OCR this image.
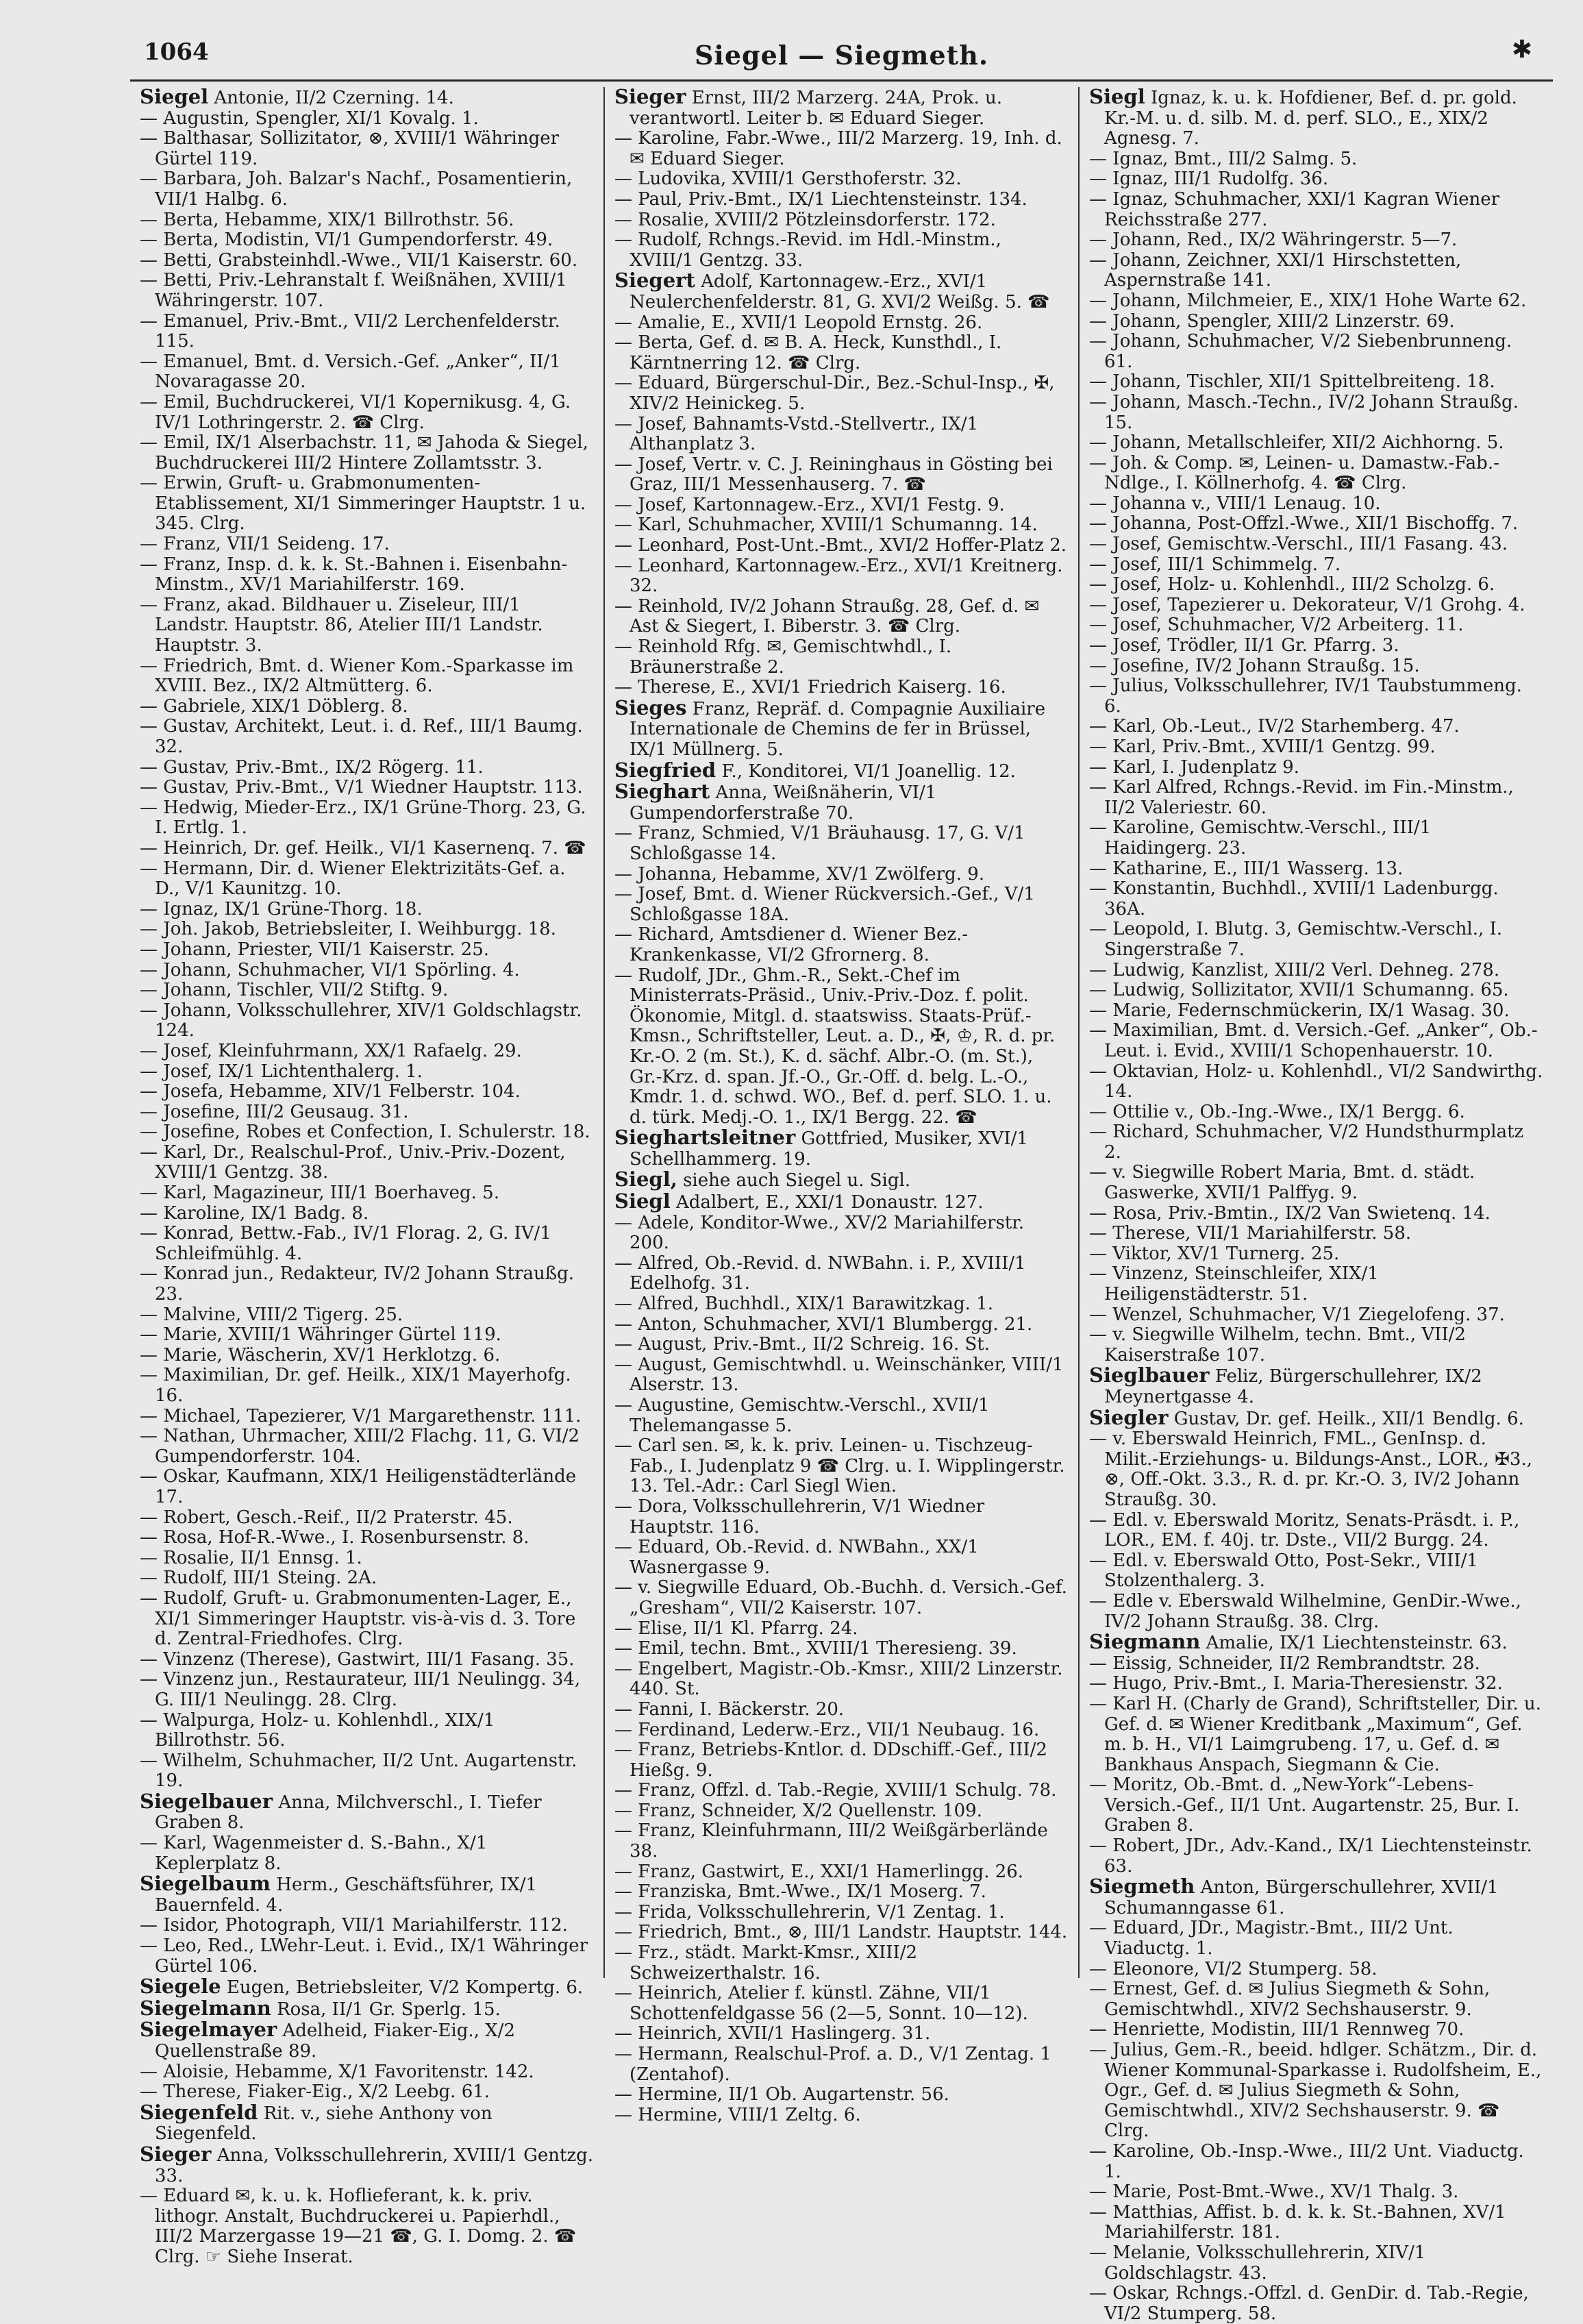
1064	Siegel — Siegmeth.	✱

Siegel Antonie, II/2 Czerning. 14.

— Augustin, Spengler, XI/1 Kovalg. 1.

— Balthasar, Sollizitator, ⊗, XVIII/1 Währinger Gürtel 119.

— Barbara, Joh. Balzar's Nachf., Posamentierin, VII/1 Halbg. 6.

— Berta, Hebamme, XIX/1 Billrothstr. 56.

— Berta, Modistin, VI/1 Gumpendorferstr. 49.

— Betti, Grabsteinhdl.-Wwe., VII/1 Kaiserstr. 60.

— Betti, Priv.-Lehranstalt f. Weißnähen, XVIII/1 Währingerstr. 107.

— Emanuel, Priv.-Bmt., VII/2 Lerchenfelderstr. 115.

— Emanuel, Bmt. d. Versich.-Gef. „Anker“, II/1 Novaragasse 20.

— Emil, Buchdruckerei, VI/1 Kopernikusg. 4, G. IV/1 Lothringerstr. 2. ☎ Clrg.

— Emil, IX/1 Alserbachstr. 11, ✉ Jahoda & Siegel, Buchdruckerei III/2 Hintere Zollamtsstr. 3.

— Erwin, Gruft- u. Grabmonumenten-Etablissement, XI/1 Simmeringer Hauptstr. 1 u. 345. Clrg.

— Franz, VII/1 Seideng. 17.

— Franz, Insp. d. k. k. St.-Bahnen i. Eisenbahn-Minstm., XV/1 Mariahilferstr. 169.

— Franz, akad. Bildhauer u. Ziseleur, III/1 Landstr. Hauptstr. 86, Atelier III/1 Landstr. Hauptstr. 3.

— Friedrich, Bmt. d. Wiener Kom.-Sparkasse im XVIII. Bez., IX/2 Altmütterg. 6.

— Gabriele, XIX/1 Döblerg. 8.

— Gustav, Architekt, Leut. i. d. Ref., III/1 Baumg. 32.

— Gustav, Priv.-Bmt., IX/2 Rögerg. 11.

— Gustav, Priv.-Bmt., V/1 Wiedner Hauptstr. 113.

— Hedwig, Mieder-Erz., IX/1 Grüne-Thorg. 23, G. I. Ertlg. 1.

— Heinrich, Dr. gef. Heilk., VI/1 Kasernenq. 7. ☎

— Hermann, Dir. d. Wiener Elektrizitäts-Gef. a. D., V/1 Kaunitzg. 10.

— Ignaz, IX/1 Grüne-Thorg. 18.

— Joh. Jakob, Betriebsleiter, I. Weihburgg. 18.

— Johann, Priester, VII/1 Kaiserstr. 25.

— Johann, Schuhmacher, VI/1 Spörling. 4.

— Johann, Tischler, VII/2 Stiftg. 9.

— Johann, Volksschullehrer, XIV/1 Goldschlagstr. 124.

— Josef, Kleinfuhrmann, XX/1 Rafaelg. 29.

— Josef, IX/1 Lichtenthalerg. 1.

— Josefa, Hebamme, XIV/1 Felberstr. 104.

— Josefine, III/2 Geusaug. 31.

— Josefine, Robes et Confection, I. Schulerstr. 18.

— Karl, Dr., Realschul-Prof., Univ.-Priv.-Dozent, XVIII/1 Gentzg. 38.

— Karl, Magazineur, III/1 Boerhaveg. 5.

— Karoline, IX/1 Badg. 8.

— Konrad, Bettw.-Fab., IV/1 Florag. 2, G. IV/1 Schleifmühlg. 4.

— Konrad jun., Redakteur, IV/2 Johann Straußg. 23.

— Malvine, VIII/2 Tigerg. 25.

— Marie, XVIII/1 Währinger Gürtel 119.

— Marie, Wäscherin, XV/1 Herklotzg. 6.

— Maximilian, Dr. gef. Heilk., XIX/1 Mayerhofg. 16.

— Michael, Tapezierer, V/1 Margarethenstr. 111.

— Nathan, Uhrmacher, XIII/2 Flachg. 11, G. VI/2 Gumpendorferstr. 104.

— Oskar, Kaufmann, XIX/1 Heiligenstädterlände 17.

— Robert, Gesch.-Reif., II/2 Praterstr. 45.

— Rosa, Hof-R.-Wwe., I. Rosenbursenstr. 8.

— Rosalie, II/1 Ennsg. 1.

— Rudolf, III/1 Steing. 2A.

— Rudolf, Gruft- u. Grabmonumenten-Lager, E., XI/1 Simmeringer Hauptstr. vis-à-vis d. 3. Tore d. Zentral-Friedhofes. Clrg.

— Vinzenz (Therese), Gastwirt, III/1 Fasang. 35.

— Vinzenz jun., Restaurateur, III/1 Neulingg. 34, G. III/1 Neulingg. 28. Clrg.

— Walpurga, Holz- u. Kohlenhdl., XIX/1 Billrothstr. 56.

— Wilhelm, Schuhmacher, II/2 Unt. Augartenstr. 19.

Siegelbauer Anna, Milchverschl., I. Tiefer Graben 8.

— Karl, Wagenmeister d. S.-Bahn., X/1 Keplerplatz 8.

Siegelbaum Herm., Geschäftsführer, IX/1 Bauernfeld. 4.

— Isidor, Photograph, VII/1 Mariahilferstr. 112.

— Leo, Red., LWehr-Leut. i. Evid., IX/1 Währinger Gürtel 106.

Siegele Eugen, Betriebsleiter, V/2 Kompertg. 6.

Siegelmann Rosa, II/1 Gr. Sperlg. 15.

Siegelmayer Adelheid, Fiaker-Eig., X/2 Quellenstraße 89.

— Aloisie, Hebamme, X/1 Favoritenstr. 142.

— Therese, Fiaker-Eig., X/2 Leebg. 61.

Siegenfeld Rit. v., siehe Anthony von Siegenfeld.

Sieger Anna, Volksschullehrerin, XVIII/1 Gentzg. 33.

— Eduard ✉, k. u. k. Hoflieferant, k. k. priv. lithogr. Anstalt, Buchdruckerei u. Papierhdl., III/2 Marzergasse 19—21 ☎, G. I. Domg. 2. ☎ Clrg. ☞ Siehe Inserat.

Sieger Ernst, III/2 Marzerg. 24A, Prok. u. verantwortl. Leiter b. ✉ Eduard Sieger.

— Karoline, Fabr.-Wwe., III/2 Marzerg. 19, Inh. d. ✉ Eduard Sieger.

— Ludovika, XVIII/1 Gersthoferstr. 32.

— Paul, Priv.-Bmt., IX/1 Liechtensteinstr. 134.

— Rosalie, XVIII/2 Pötzleinsdorferstr. 172.

— Rudolf, Rchngs.-Revid. im Hdl.-Minstm., XVIII/1 Gentzg. 33.

Siegert Adolf, Kartonnagew.-Erz., XVI/1 Neulerchenfelderstr. 81, G. XVI/2 Weißg. 5. ☎

— Amalie, E., XVII/1 Leopold Ernstg. 26.

— Berta, Gef. d. ✉ B. A. Heck, Kunsthdl., I. Kärntnerring 12. ☎ Clrg.

— Eduard, Bürgerschul-Dir., Bez.-Schul-Insp., ✠, XIV/2 Heinickeg. 5.

— Josef, Bahnamts-Vstd.-Stellvertr., IX/1 Althanplatz 3.

— Josef, Vertr. v. C. J. Reininghaus in Gösting bei Graz, III/1 Messenhauserg. 7. ☎

— Josef, Kartonnagew.-Erz., XVI/1 Festg. 9.

— Karl, Schuhmacher, XVIII/1 Schumanng. 14.

— Leonhard, Post-Unt.-Bmt., XVI/2 Hoffer-Platz 2.

— Leonhard, Kartonnagew.-Erz., XVI/1 Kreitnerg. 32.

— Reinhold, IV/2 Johann Straußg. 28, Gef. d. ✉ Ast & Siegert, I. Biberstr. 3. ☎ Clrg.

— Reinhold Rfg. ✉, Gemischtwhdl., I. Bräunerstraße 2.

— Therese, E., XVI/1 Friedrich Kaiserg. 16.

Sieges Franz, Repräf. d. Compagnie Auxiliaire Internationale de Chemins de fer in Brüssel, IX/1 Müllnerg. 5.

Siegfried F., Konditorei, VI/1 Joanellig. 12.

Sieghart Anna, Weißnäherin, VI/1 Gumpendorferstraße 70.

— Franz, Schmied, V/1 Bräuhausg. 17, G. V/1 Schloßgasse 14.

— Johanna, Hebamme, XV/1 Zwölferg. 9.

— Josef, Bmt. d. Wiener Rückversich.-Gef., V/1 Schloßgasse 18A.

— Richard, Amtsdiener d. Wiener Bez.-Krankenkasse, VI/2 Gfrornerg. 8.

— Rudolf, JDr., Ghm.-R., Sekt.-Chef im Ministerrats-Präsid., Univ.-Priv.-Doz. f. polit. Ökonomie, Mitgl. d. staatswiss. Staats-Prüf.-Kmsn., Schriftsteller, Leut. a. D., ✠, ♔, R. d. pr. Kr.-O. 2 (m. St.), K. d. sächf. Albr.-O. (m. St.), Gr.-Krz. d. span. Jf.-O., Gr.-Off. d. belg. L.-O., Kmdr. 1. d. schwd. WO., Bef. d. perf. SLO. 1. u. d. türk. Medj.-O. 1., IX/1 Bergg. 22. ☎

Sieghartsleitner Gottfried, Musiker, XVI/1 Schellhammerg. 19.

Siegl, siehe auch Siegel u. Sigl.

Siegl Adalbert, E., XXI/1 Donaustr. 127.

— Adele, Konditor-Wwe., XV/2 Mariahilferstr. 200.

— Alfred, Ob.-Revid. d. NWBahn. i. P., XVIII/1 Edelhofg. 31.

— Alfred, Buchhdl., XIX/1 Barawitzkag. 1.

— Anton, Schuhmacher, XVI/1 Blumbergg. 21.

— August, Priv.-Bmt., II/2 Schreig. 16. St.

— August, Gemischtwhdl. u. Weinschänker, VIII/1 Alserstr. 13.

— Augustine, Gemischtw.-Verschl., XVII/1 Thelemangasse 5.

— Carl sen. ✉, k. k. priv. Leinen- u. Tischzeug-Fab., I. Judenplatz 9 ☎ Clrg. u. I. Wipplingerstr. 13. Tel.-Adr.: Carl Siegl Wien.

— Dora, Volksschullehrerin, V/1 Wiedner Hauptstr. 116.

— Eduard, Ob.-Revid. d. NWBahn., XX/1 Wasnergasse 9.

— v. Siegwille Eduard, Ob.-Buchh. d. Versich.-Gef. „Gresham“, VII/2 Kaiserstr. 107.

— Elise, II/1 Kl. Pfarrg. 24.

— Emil, techn. Bmt., XVIII/1 Theresieng. 39.

— Engelbert, Magistr.-Ob.-Kmsr., XIII/2 Linzerstr. 440. St.

— Fanni, I. Bäckerstr. 20.

— Ferdinand, Lederw.-Erz., VII/1 Neubaug. 16.

— Franz, Betriebs-Kntlor. d. DDschiff.-Gef., III/2 Hießg. 9.

— Franz, Offzl. d. Tab.-Regie, XVIII/1 Schulg. 78.

— Franz, Schneider, X/2 Quellenstr. 109.

— Franz, Kleinfuhrmann, III/2 Weißgärberlände 38.

— Franz, Gastwirt, E., XXI/1 Hamerlingg. 26.

— Franziska, Bmt.-Wwe., IX/1 Moserg. 7.

— Frida, Volksschullehrerin, V/1 Zentag. 1.

— Friedrich, Bmt., ⊗, III/1 Landstr. Hauptstr. 144.

— Frz., städt. Markt-Kmsr., XIII/2 Schweizerthalstr. 16.

— Heinrich, Atelier f. künstl. Zähne, VII/1 Schottenfeldgasse 56 (2—5, Sonnt. 10—12).

— Heinrich, XVII/1 Haslingerg. 31.

— Hermann, Realschul-Prof. a. D., V/1 Zentag. 1 (Zentahof).

— Hermine, II/1 Ob. Augartenstr. 56.

— Hermine, VIII/1 Zeltg. 6.

Siegl Ignaz, k. u. k. Hofdiener, Bef. d. pr. gold. Kr.-M. u. d. silb. M. d. perf. SLO., E., XIX/2 Agnesg. 7.

— Ignaz, Bmt., III/2 Salmg. 5.

— Ignaz, III/1 Rudolfg. 36.

— Ignaz, Schuhmacher, XXI/1 Kagran Wiener Reichsstraße 277.

— Johann, Red., IX/2 Währingerstr. 5—7.

— Johann, Zeichner, XXI/1 Hirschstetten, Aspernstraße 141.

— Johann, Milchmeier, E., XIX/1 Hohe Warte 62.

— Johann, Spengler, XIII/2 Linzerstr. 69.

— Johann, Schuhmacher, V/2 Siebenbrunneng. 61.

— Johann, Tischler, XII/1 Spittelbreiteng. 18.

— Johann, Masch.-Techn., IV/2 Johann Straußg. 15.

— Johann, Metallschleifer, XII/2 Aichhorng. 5.

— Joh. & Comp. ✉, Leinen- u. Damastw.-Fab.-Ndlge., I. Köllnerhofg. 4. ☎ Clrg.

— Johanna v., VIII/1 Lenaug. 10.

— Johanna, Post-Offzl.-Wwe., XII/1 Bischoffg. 7.

— Josef, Gemischtw.-Verschl., III/1 Fasang. 43.

— Josef, III/1 Schimmelg. 7.

— Josef, Holz- u. Kohlenhdl., III/2 Scholzg. 6.

— Josef, Tapezierer u. Dekorateur, V/1 Grohg. 4.

— Josef, Schuhmacher, V/2 Arbeiterg. 11.

— Josef, Trödler, II/1 Gr. Pfarrg. 3.

— Josefine, IV/2 Johann Straußg. 15.

— Julius, Volksschullehrer, IV/1 Taubstummeng. 6.

— Karl, Ob.-Leut., IV/2 Starhemberg. 47.

— Karl, Priv.-Bmt., XVIII/1 Gentzg. 99.

— Karl, I. Judenplatz 9.

— Karl Alfred, Rchngs.-Revid. im Fin.-Minstm., II/2 Valeriestr. 60.

— Karoline, Gemischtw.-Verschl., III/1 Haidingerg. 23.

— Katharine, E., III/1 Wasserg. 13.

— Konstantin, Buchhdl., XVIII/1 Ladenburgg. 36A.

— Leopold, I. Blutg. 3, Gemischtw.-Verschl., I. Singerstraße 7.

— Ludwig, Kanzlist, XIII/2 Verl. Dehneg. 278.

— Ludwig, Sollizitator, XVII/1 Schumanng. 65.

— Marie, Federnschmückerin, IX/1 Wasag. 30.

— Maximilian, Bmt. d. Versich.-Gef. „Anker“, Ob.-Leut. i. Evid., XVIII/1 Schopenhauerstr. 10.

— Oktavian, Holz- u. Kohlenhdl., VI/2 Sandwirthg. 14.

— Ottilie v., Ob.-Ing.-Wwe., IX/1 Bergg. 6.

— Richard, Schuhmacher, V/2 Hundsthurmplatz 2.

— v. Siegwille Robert Maria, Bmt. d. städt. Gaswerke, XVII/1 Palffyg. 9.

— Rosa, Priv.-Bmtin., IX/2 Van Swietenq. 14.

— Therese, VII/1 Mariahilferstr. 58.

— Viktor, XV/1 Turnerg. 25.

— Vinzenz, Steinschleifer, XIX/1 Heiligenstädterstr. 51.

— Wenzel, Schuhmacher, V/1 Ziegelofeng. 37.

— v. Siegwille Wilhelm, techn. Bmt., VII/2 Kaiserstraße 107.

Sieglbauer Feliz, Bürgerschullehrer, IX/2 Meynertgasse 4.

Siegler Gustav, Dr. gef. Heilk., XII/1 Bendlg. 6.

— v. Eberswald Heinrich, FML., GenInsp. d. Milit.-Erziehungs- u. Bildungs-Anst., LOR., ✠3., ⊗, Off.-Okt. 3.3., R. d. pr. Kr.-O. 3, IV/2 Johann Straußg. 30.

— Edl. v. Eberswald Moritz, Senats-Präsdt. i. P., LOR., EM. f. 40j. tr. Dste., VII/2 Burgg. 24.

— Edl. v. Eberswald Otto, Post-Sekr., VIII/1 Stolzenthalerg. 3.

— Edle v. Eberswald Wilhelmine, GenDir.-Wwe., IV/2 Johann Straußg. 38. Clrg.

Siegmann Amalie, IX/1 Liechtensteinstr. 63.

— Eissig, Schneider, II/2 Rembrandtstr. 28.

— Hugo, Priv.-Bmt., I. Maria-Theresienstr. 32.

— Karl H. (Charly de Grand), Schriftsteller, Dir. u. Gef. d. ✉ Wiener Kreditbank „Maximum“, Gef. m. b. H., VI/1 Laimgrubeng. 17, u. Gef. d. ✉ Bankhaus Anspach, Siegmann & Cie.

— Moritz, Ob.-Bmt. d. „New-York“-Lebens-Versich.-Gef., II/1 Unt. Augartenstr. 25, Bur. I. Graben 8.

— Robert, JDr., Adv.-Kand., IX/1 Liechtensteinstr. 63.

Siegmeth Anton, Bürgerschullehrer, XVII/1 Schumanngasse 61.

— Eduard, JDr., Magistr.-Bmt., III/2 Unt. Viaductg. 1.

— Eleonore, VI/2 Stumperg. 58.

— Ernest, Gef. d. ✉ Julius Siegmeth & Sohn, Gemischtwhdl., XIV/2 Sechshauserstr. 9.

— Henriette, Modistin, III/1 Rennweg 70.

— Julius, Gem.-R., beeid. hdlger. Schätzm., Dir. d. Wiener Kommunal-Sparkasse i. Rudolfsheim, E., Ogr., Gef. d. ✉ Julius Siegmeth & Sohn, Gemischtwhdl., XIV/2 Sechshauserstr. 9. ☎ Clrg.

— Karoline, Ob.-Insp.-Wwe., III/2 Unt. Viaductg. 1.

— Marie, Post-Bmt.-Wwe., XV/1 Thalg. 3.

— Matthias, Affist. b. d. k. k. St.-Bahnen, XV/1 Mariahilferstr. 181.

— Melanie, Volksschullehrerin, XIV/1 Goldschlagstr. 43.

— Oskar, Rchngs.-Offzl. d. GenDir. d. Tab.-Regie, VI/2 Stumperg. 58.
